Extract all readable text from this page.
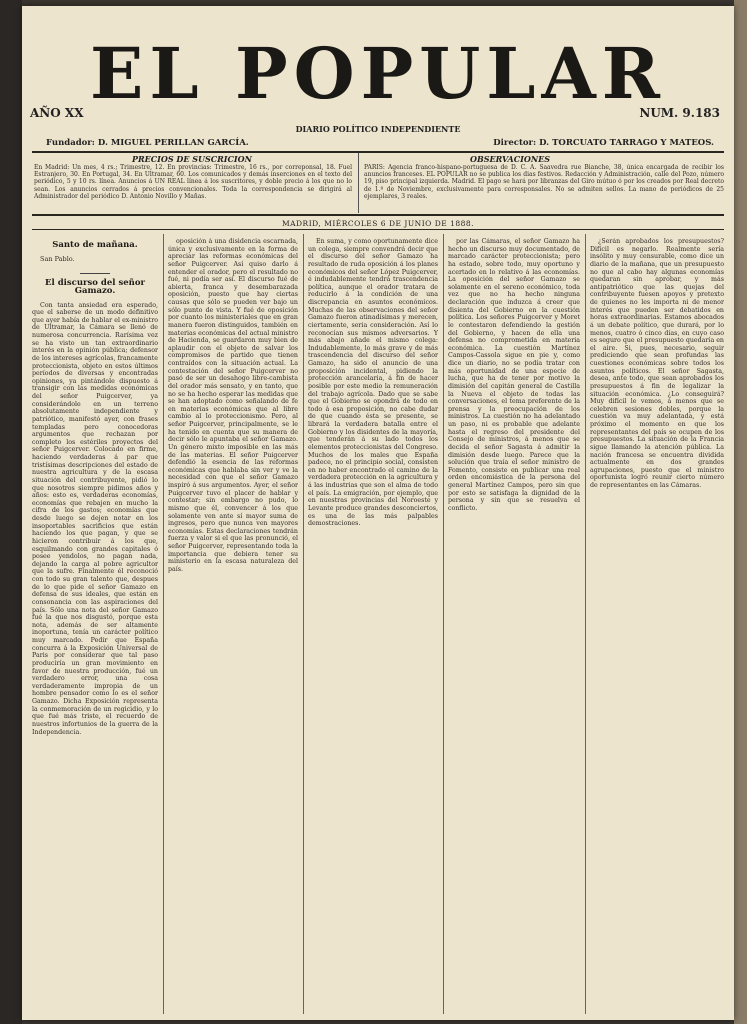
EL POPULAR
AÑO XX	NUM. 9.183
DIARIO POLÍTICO INDEPENDIENTE
Fundador: D. MIGUEL PERILLAN GARCÍA.	Director: D. TORCUATO TARRAGO Y MATEOS.
PRECIOS DE SUSCRICION
En Madrid: Un mes, 4 rs.; Trimestre, 12. En provincias: Trimestre, 16 rs., por correponsal, 18. Fuel Estranjero, 30. En Portugal, 34. En Ultramar, 60. Los comunicados y demás inserciones en el texto del periódico, 5 y 10 rs. línea. Anuncios á UN REAL línea á los suscritores, y doble precio á los que no lo sean. Los anuncios cerrados á precios convencionales. Toda la correspondencia se dirigirá al Administrador del periódico D. Antonio Novillo y Mañas.
OBSERVACIONES
PARIS: Agencia franco-hispano-portuguesa de D. C. A. Saavedra rue Bianche, 38, única encargada de recibir los anuncios franceses. EL POPULAR no se publica los dias festivos. Redacción y Administración, calle del Pozo, número 19, piso principal izquierda. Madrid. El pago se hará por libranzas del Giro mútuo ó por los creados por Real decreto de 1.º de Noviembre, exclusivamente para corresponsales. No se admiten sellos. La mano de periódicos de 25 ejemplares, 3 reales.
MADRID, MIÉRCOLES 6 DE JUNIO DE 1888.
Santo de mañana.
San Pablo.
El discurso del señor Gamazo.

Con tanta ansiedad era esperado, que el saberse de un modo definitivo que ayer había de hablar el ex-ministro de Ultramar, la Cámara se llenó de numerosa concurrencia. Rarísima vez se ha visto un tan extraordinario interés en la opinión pública; defensor de los intereses agrícolas, francamente proteccionista, objeto en estos últimos períodos de diversas y encontradas opiniones, ya pintándole dispuesto á transigir con las medidas económicas del señor Puigcerver, ya considerándole en un terreno absolutamente independiente y patriótico, manifestó ayer, con frases templadas pero conocedoras argumentos que rechazan por completo los estériles proyectos del señor Puigcerver. Colocado en firme, haciendo verdaderas á par que tristísimas descripciones del estado de nuestra agricultura y de la escasa situación del contribuyente, pidió lo que nosotros siempre pidimos años y años: esto es, verdaderas economías, economías que rebajen en mucho la cifra de los gastos; economías que desde luego se dejen notar en los insoportables sacrificios que están haciendo los que pagan, y que se hicieron contribuir á los que, esquilmando con grandes capitales ó posee yendolos, no pagan nada, dejando la carga al pobre agricultor que la sufre. Finalmente él reconoció con todo su gran talento que, despues de lo que pide el señor Gamazo en defensa de sus ideales, que están en consonancia con las aspiraciones del país. Sólo una nota del señor Gamazo fué la que nos disgustó, porque esta nota, además de ser altamente inoportuna, tenía un carácter político muy marcado. Pedir que España concurra á la Exposición Universal de Paris por considerar que tal paso produciría un gran movimiento en favor de nuestra producción, fué un verdadero error, una cosa verdaderamente impropia de un hombre pensador como lo es el señor Gamazo. Dicha Exposición representa la conmemoración de un regicidio, y lo que fué más triste, el recuerdo de nuestros infortunios de la guerra de la Independencia.

oposición á una disidencia escarnada, única y exclusivamente en la forma de apreciar las reformas económicas del señor Puigcerver. Así quiso darlo á entender el orador, pero el resultado no fué, ni podía ser así. El discurso fué de abierta, franca y desembarazada oposición, puesto que hay ciertas causas que sólo se pueden ver bajo un sólo punto de vista. Y fué de oposición por cuanto los ministeriales que en gran manera fueron distinguidos, también en materias económicas del actual ministro de Hacienda, se guardaron muy bien de aplaudir con el objeto de salvar los compromisos de partido que tienen contraídos con la situación actual. La contestación del señor Puigcerver no pasó de ser un desahogo libre-cambista del orador más sensato, y en tanto, que no se ha hecho esperar las medidas que se han adoptado como señalando de fe en materias económicas que al libre cambio al lo proteccionismo. Pero, al señor Puigcerver, principalmente, se le ha tenido en cuenta que su manera de decir sólo le apuntaba el señor Gamazo. Un género mixto imposible en las más de las materias. El señor Puigcerver defendió la esencia de las reformas económicas que hablaba sin ver y ve la necesidad con que el señor Gamazo inspiró á sus argumentos. Ayer, el señor Puigcerver tuvo el placer de hablar y contestar; sin embargo no pudo, lo mismo que él, convencer á los que solamente ven ante sí mayor suma de ingresos, pero que nunca ven mayores economías. Estas declaraciones tendrán fuerza y valor si el que las pronunció, el señor Puigcerver, representando toda la importancia que debiera tener su ministerio en la escasa naturaleza del país.

En suma, y como oportunamente dice un colega, siempre convendrá decir que el discurso del señor Gamazo ha resultado de ruda oposición á los planes económicos del señor López Puigcerver, é indudablemente tendrá trascendencia política, aunque el orador tratara de reducirlo á la condición de una discrepancia en asuntos económicos. Muchas de las observaciones del señor Gamazo fueron atinadísimas y merecen, ciertamente, seria consideración. Así lo reconocían sus mismos adversarios. Y más abajo añade el mismo colega: Indudablemente, lo más grave y de más trascendencia del discurso del señor Gamazo, ha sido el anuncio de una proposición incidental, pidiendo la protección arancelaria, á fin de hacer posible por este medio la remuneración del trabajo agrícola. Dado que se sabe que el Gobierno se opondrá de todo en todo á esa proposición, no cabe dudar de que cuando ésta se presente, se librará la verdadera batalla entre el Gobierno y los disidentes de la mayoría, que tenderán á su lado todos los elementos proteccionistas del Congreso. Muchos de los males que España padece, no el principio social, consisten en no haber encontrado el camino de la verdadera protección en la agricultura y á las industrias que son el alma de todo el país. La emigración, por ejemplo, que en nuestras provincias del Noroeste y Levante produce grandes desconciertos, es una de las más palpables demostraciones.

por las Cámaras, el señor Gamazo ha hecho un discurso muy documentado, de marcado carácter proteccionista; pero ha estado, sobre todo, muy oportuno y acertado en lo relativo á las economías. La oposición del señor Gamazo se solamente en el sereno económico, toda vez que no ha hecho ninguna declaración que induzca á creer que disienta del Gobierno en la cuestión política. Los señores Puigcerver y Moret le contestaron defendiendo la gestión del Gobierno, y hacen de ella una defensa no comprometida en materia económica. La cuestión Martínez Campos-Cassola sigue en pie y, como dice un diario, no se podía tratar con más oportunidad de una especie de lucha, que ha de tener por motivo la dimisión del capitán general de Castilla la Nueva el objeto de todas las conversaciones, el tema preferente de la prensa y la preocupación de los ministros. La cuestión no ha adelantado un paso, ni es probable que adelante hasta el regreso del presidente del Consejo de ministros, á menos que se decida el señor Sagasta á admitir la dimisión desde luego. Parece que la solución que traía el señor ministro de Fomento, consiste en publicar una real orden encomiástica de la persona del general Martínez Campos, pero sin que por esto se satisfaga la dignidad de la persona y sin que se resuelva el conflicto.

¿Serán aprobados los presupuestos? Difícil es negarlo. Realmente sería insólito y muy censurable, como dice un diario de la mañana, que un presupuesto no que al cabo hay algunas economías quedaran sin aprobar, y más antipatriótico que las quejas del contribuyente fuesen apoyos y pretexto de quienes no les importa ni de menor interés que pueden ser debatidos en horas extraordinarias. Estamos abocados á un debate político, que durará, por lo menos, cuatro ó cinco días, en cuyo caso es seguro que el presupuesto quedaría en el aire. Si, pues, necesario, seguir prediciendo que sean profundas las cuestiones económicas sobre todos los asuntos políticos. El señor Sagasta, desea, ante todo, que sean aprobados los presupuestos á fin de legalizar la situación económica. ¿Lo conseguirá? Muy difícil le vemos, á menos que se celebren sesiones dobles, porque la cuestión va muy adelantada, y está próximo el momento en que los representantes del país se ocupen de los presupuestos. La situación de la Francia sigue llamando la atención pública. La nación francesa se encuentra dividida actualmente en dos grandes agrupaciones, puesto que el ministro oportunista logró reunir cierto número de representantes en las Cámaras.
